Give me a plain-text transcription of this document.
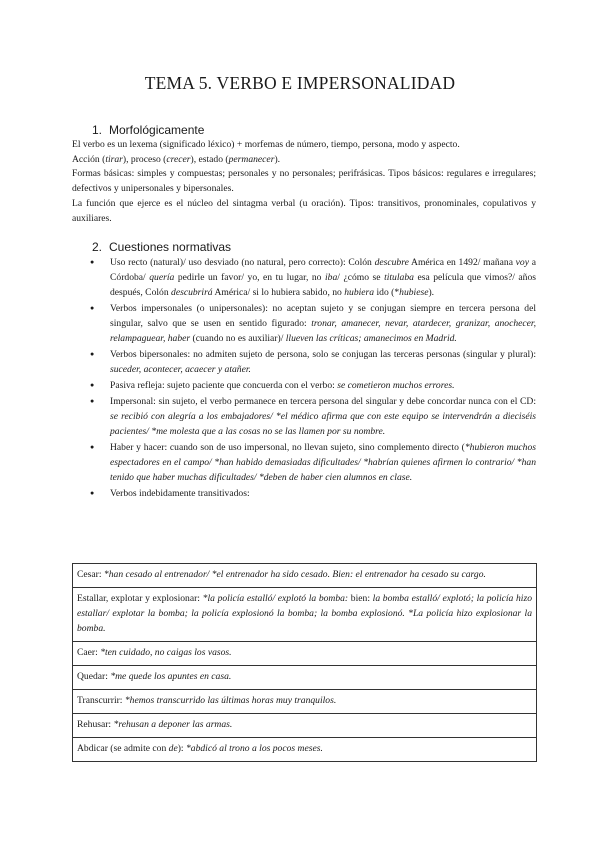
TEMA 5. VERBO E IMPERSONALIDAD
1. Morfológicamente
El verbo es un lexema (significado léxico) + morfemas de número, tiempo, persona, modo y aspecto.
Acción (tirar), proceso (crecer), estado (permanecer).
Formas básicas: simples y compuestas; personales y no personales; perifrásicas. Tipos básicos: regulares e irregulares; defectivos y unipersonales y bipersonales.
La función que ejerce es el núcleo del sintagma verbal (u oración). Tipos: transitivos, pronominales, copulativos y auxiliares.
2. Cuestiones normativas
● Uso recto (natural)/ uso desviado (no natural, pero correcto): Colón descubre América en 1492/ mañana voy a Córdoba/ quería pedirle un favor/ yo, en tu lugar, no iba/ ¿cómo se titulaba esa película que vimos?/ años después, Colón descubrirá América/ si lo hubiera sabido, no hubiera ido (*hubiese).
● Verbos impersonales (o unipersonales): no aceptan sujeto y se conjugan siempre en tercera persona del singular, salvo que se usen en sentido figurado: tronar, amanecer, nevar, atardecer, granizar, anochecer, relampaguear, haber (cuando no es auxiliar)/ llueven las críticas; amanecimos en Madrid.
● Verbos bipersonales: no admiten sujeto de persona, solo se conjugan las terceras personas (singular y plural): suceder, acontecer, acaecer y atañer.
● Pasiva refleja: sujeto paciente que concuerda con el verbo: se cometieron muchos errores.
● Impersonal: sin sujeto, el verbo permanece en tercera persona del singular y debe concordar nunca con el CD: se recibió con alegría a los embajadores/ *el médico afirma que con este equipo se intervendrán a dieciséis pacientes/ *me molesta que a las cosas no se las llamen por su nombre.
● Haber y hacer: cuando son de uso impersonal, no llevan sujeto, sino complemento directo (*hubieron muchos espectadores en el campo/ *han habido demasiadas dificultades/ *habrían quienes afirmen lo contrario/ *han tenido que haber muchas dificultades/ *deben de haber cien alumnos en clase.
● Verbos indebidamente transitivados:
Cesar: *han cesado al entrenador/ *el entrenador ha sido cesado. Bien: el entrenador ha cesado su cargo.
Estallar, explotar y explosionar: *la policía estalló/ explotó la bomba: bien: la bomba estalló/ explotó; la policía hizo estallar/ explotar la bomba; la policía explosionó la bomba; la bomba explosionó. *La policía hizo explosionar la bomba.
Caer: *ten cuidado, no caigas los vasos.
Quedar: *me quede los apuntes en casa.
Transcurrir: *hemos transcurrido las últimas horas muy tranquilos.
Rehusar: *rehusan a deponer las armas.
Abdicar (se admite con de): *abdicó al trono a los pocos meses.
